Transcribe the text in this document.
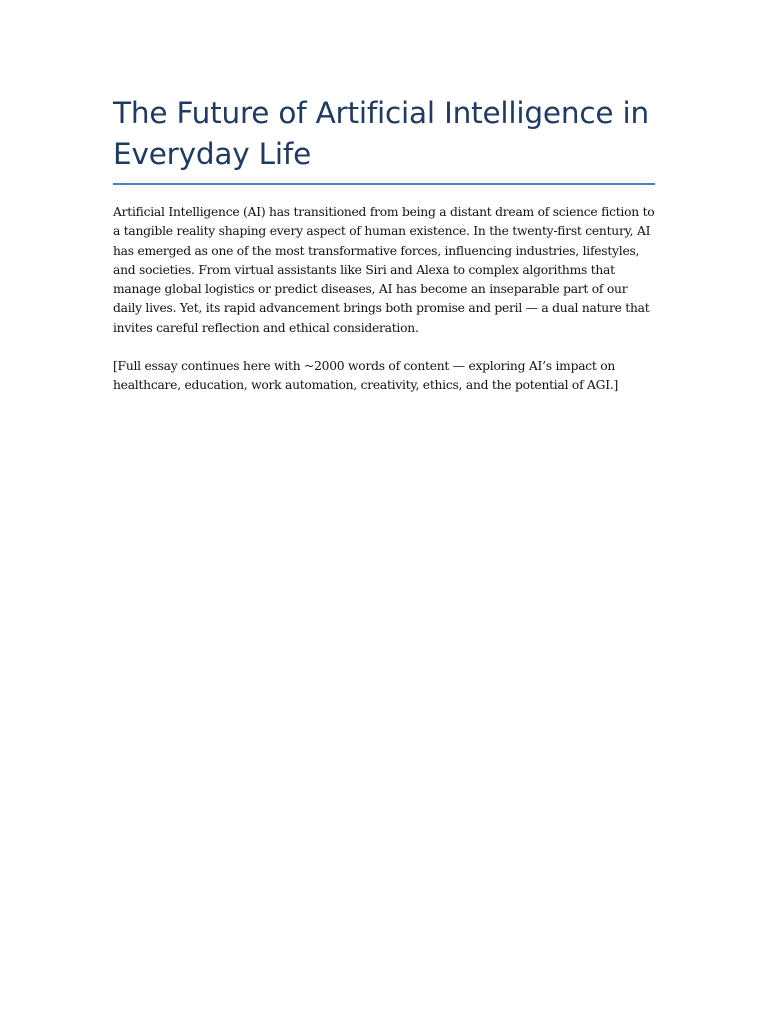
The Future of Artificial Intelligence in Everyday Life

Artificial Intelligence (AI) has transitioned from being a distant dream of science fiction to a tangible reality shaping every aspect of human existence. In the twenty-first century, AI has emerged as one of the most transformative forces, influencing industries, lifestyles, and societies. From virtual assistants like Siri and Alexa to complex algorithms that manage global logistics or predict diseases, AI has become an inseparable part of our daily lives. Yet, its rapid advancement brings both promise and peril — a dual nature that invites careful reflection and ethical consideration.

[Full essay continues here with ~2000 words of content — exploring AI’s impact on healthcare, education, work automation, creativity, ethics, and the potential of AGI.]
